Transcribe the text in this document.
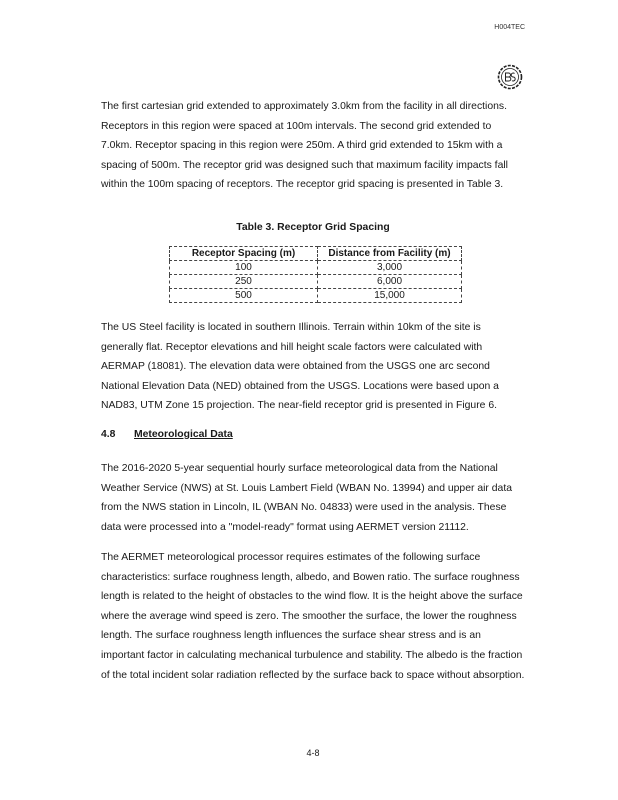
H004TEC
The first cartesian grid extended to approximately 3.0km from the facility in all directions. Receptors in this region were spaced at 100m intervals. The second grid extended to 7.0km. Receptor spacing in this region were 250m. A third grid extended to 15km with a spacing of 500m. The receptor grid was designed such that maximum facility impacts fall within the 100m spacing of receptors. The receptor grid spacing is presented in Table 3.
Table 3. Receptor Grid Spacing
Receptor Spacing (m)	Distance from Facility (m)
100	3,000
250	6,000
500	15,000
The US Steel facility is located in southern Illinois. Terrain within 10km of the site is generally flat. Receptor elevations and hill height scale factors were calculated with AERMAP (18081). The elevation data were obtained from the USGS one arc second National Elevation Data (NED) obtained from the USGS. Locations were based upon a NAD83, UTM Zone 15 projection. The near-field receptor grid is presented in Figure 6.
4.8 Meteorological Data
The 2016-2020 5-year sequential hourly surface meteorological data from the National Weather Service (NWS) at St. Louis Lambert Field (WBAN No. 13994) and upper air data from the NWS station in Lincoln, IL (WBAN No. 04833) were used in the analysis. These data were processed into a "model-ready" format using AERMET version 21112.
The AERMET meteorological processor requires estimates of the following surface characteristics: surface roughness length, albedo, and Bowen ratio. The surface roughness length is related to the height of obstacles to the wind flow. It is the height above the surface where the average wind speed is zero. The smoother the surface, the lower the roughness length. The surface roughness length influences the surface shear stress and is an important factor in calculating mechanical turbulence and stability. The albedo is the fraction of the total incident solar radiation reflected by the surface back to space without absorption.
4-8
